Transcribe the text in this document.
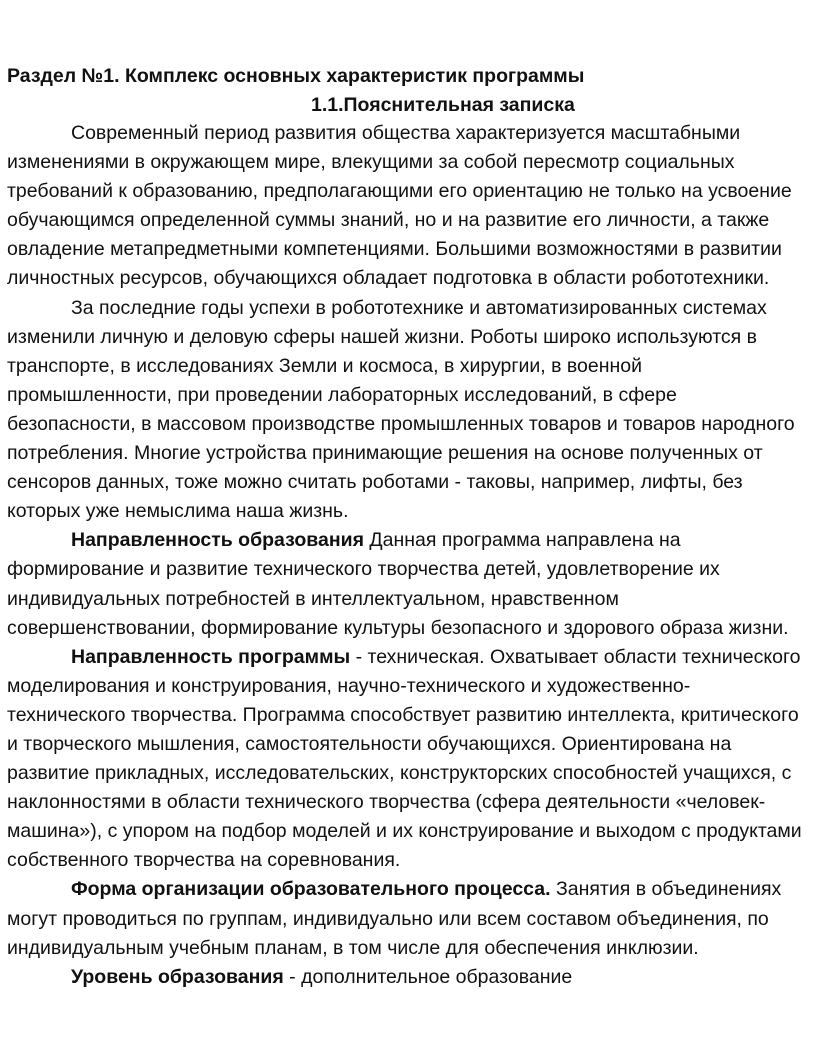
Раздел №1. Комплекс основных характеристик программы
1.1.Пояснительная записка

Современный период развития общества характеризуется масштабными изменениями в окружающем мире, влекущими за собой пересмотр социальных требований к образованию, предполагающими его ориентацию не только на усвоение обучающимся определенной суммы знаний, но и на развитие его личности, а также овладение метапредметными компетенциями. Большими возможностями в развитии личностных ресурсов, обучающихся обладает подготовка в области робототехники.

За последние годы успехи в робототехнике и автоматизированных системах изменили личную и деловую сферы нашей жизни. Роботы широко используются в транспорте, в исследованиях Земли и космоса, в хирургии, в военной промышленности, при проведении лабораторных исследований, в сфере безопасности, в массовом производстве промышленных товаров и товаров народного потребления. Многие устройства принимающие решения на основе полученных от сенсоров данных, тоже можно считать роботами - таковы, например, лифты, без которых уже немыслима наша жизнь.

Направленность образования Данная программа направлена на формирование и развитие технического творчества детей, удовлетворение их индивидуальных потребностей в интеллектуальном, нравственном совершенствовании, формирование культуры безопасного и здорового образа жизни.

Направленность программы - техническая. Охватывает области технического моделирования и конструирования, научно-технического и художественно-технического творчества. Программа способствует развитию интеллекта, критического и творческого мышления, самостоятельности обучающихся. Ориентирована на развитие прикладных, исследовательских, конструкторских способностей учащихся, с наклонностями в области технического творчества (сфера деятельности «человек-машина»), с упором на подбор моделей и их конструирование и выходом с продуктами собственного творчества на соревнования.

Форма организации образовательного процесса. Занятия в объединениях могут проводиться по группам, индивидуально или всем составом объединения, по индивидуальным учебным планам, в том числе для обеспечения инклюзии.

Уровень образования - дополнительное образование
